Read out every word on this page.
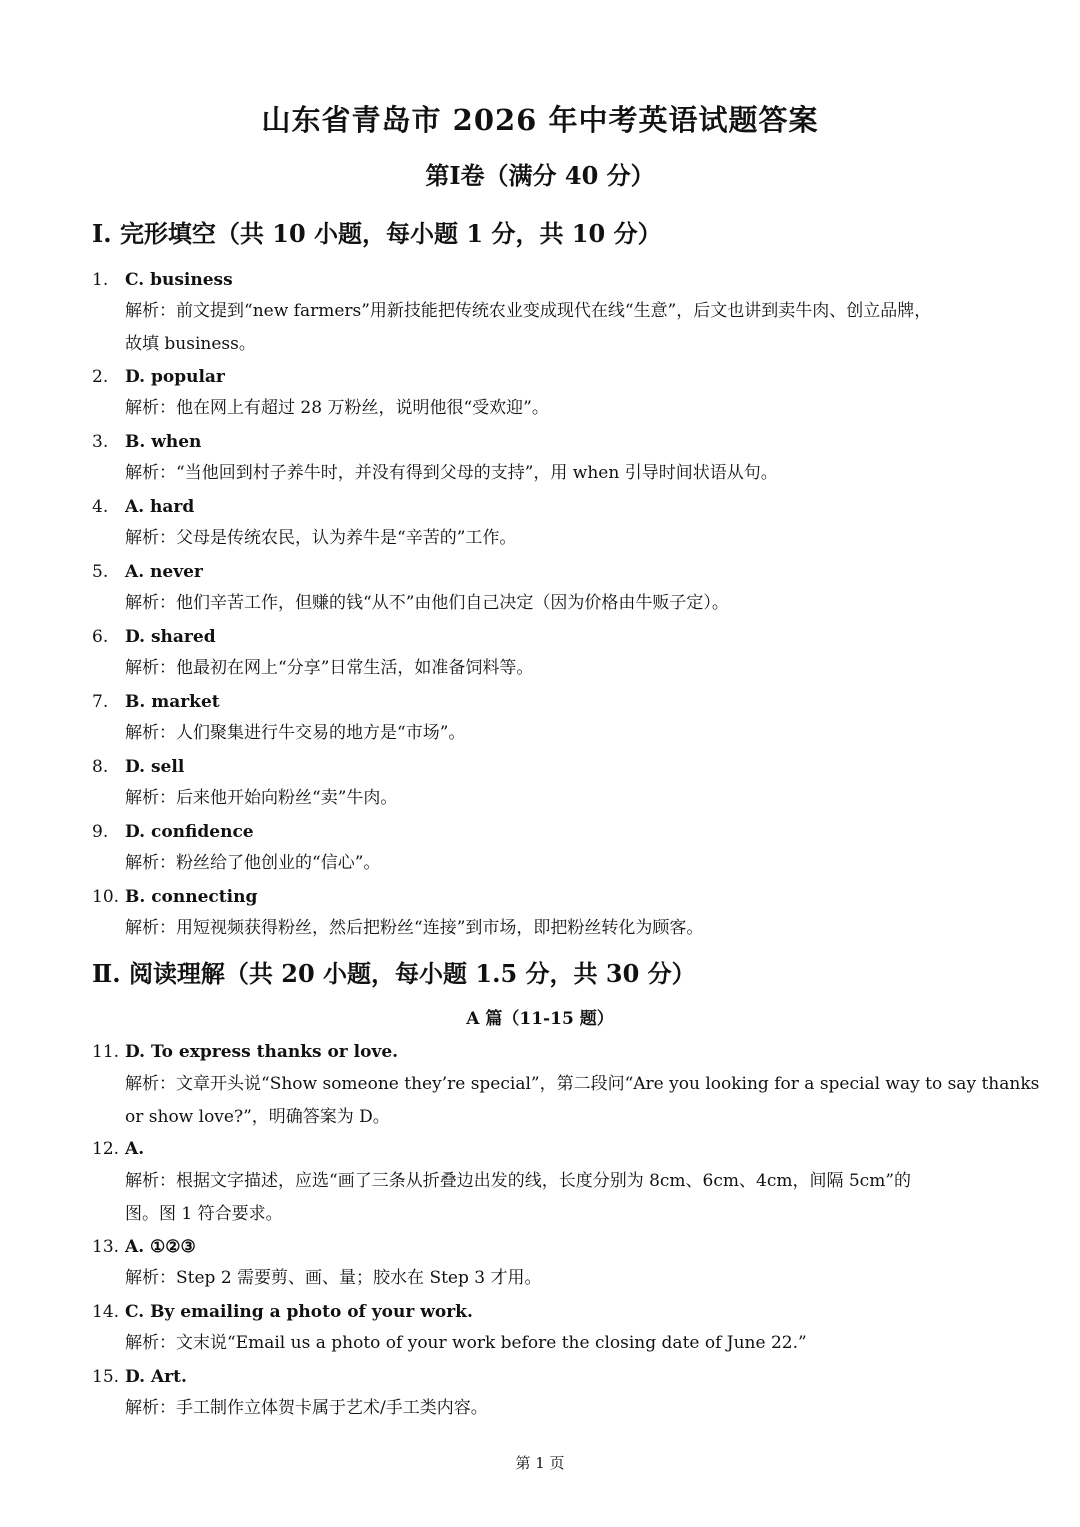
山东省青岛市 2026 年中考英语试题答案
第Ⅰ卷（满分 40 分）
I. 完形填空（共 10 小题，每小题 1 分，共 10 分）
1. C. business

解析：前文提到“new farmers”用新技能把传统农业变成现代在线“生意”，后文也讲到卖牛肉、创立品牌，

故填 business。

2. D. popular

解析：他在网上有超过 28 万粉丝，说明他很“受欢迎”。

3. B. when

解析：“当他回到村子养牛时，并没有得到父母的支持”，用 when 引导时间状语从句。

4. A. hard

解析：父母是传统农民，认为养牛是“辛苦的”工作。

5. A. never

解析：他们辛苦工作，但赚的钱“从不”由他们自己决定（因为价格由牛贩子定）。

6. D. shared

解析：他最初在网上“分享”日常生活，如准备饲料等。

7. B. market

解析：人们聚集进行牛交易的地方是“市场”。

8. D. sell

解析：后来他开始向粉丝“卖”牛肉。

9. D. confidence

解析：粉丝给了他创业的“信心”。

10. B. connecting

解析：用短视频获得粉丝，然后把粉丝“连接”到市场，即把粉丝转化为顾客。

Ⅱ. 阅读理解（共 20 小题，每小题 1.5 分，共 30 分）

A 篇（11-15 题）

11. D. To express thanks or love.

解析：文章开头说“Show someone they’re special”，第二段问“Are you looking for a special way to say thanks

or show love?”，明确答案为 D。

12. A.

解析：根据文字描述，应选“画了三条从折叠边出发的线，长度分别为 8cm、6cm、4cm，间隔 5cm”的

图。图 1 符合要求。

13. A. ①②③

解析：Step 2 需要剪、画、量；胶水在 Step 3 才用。

14. C. By emailing a photo of your work.

解析：文末说“Email us a photo of your work before the closing date of June 22.”

15. D. Art.

解析：手工制作立体贺卡属于艺术/手工类内容。

第 1 页
